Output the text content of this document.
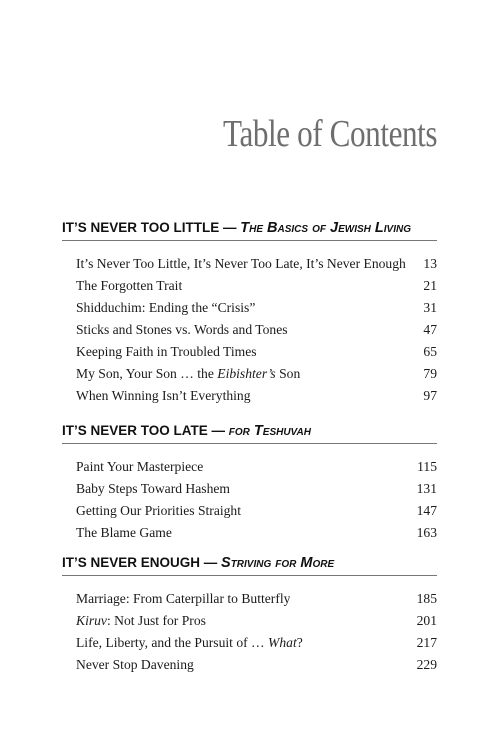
Table of Contents
IT’S NEVER TOO LITTLE — The Basics of Jewish Living
It’s Never Too Little, It’s Never Too Late, It’s Never Enough	13
The Forgotten Trait	21
Shidduchim: Ending the “Crisis”	31
Sticks and Stones vs. Words and Tones	47
Keeping Faith in Troubled Times	65
My Son, Your Son … the Eibishter’s Son	79
When Winning Isn’t Everything	97
IT’S NEVER TOO LATE — for Teshuvah
Paint Your Masterpiece	115
Baby Steps Toward Hashem	131
Getting Our Priorities Straight	147
The Blame Game	163
IT’S NEVER ENOUGH — Striving for More
Marriage: From Caterpillar to Butterfly	185
Kiruv: Not Just for Pros	201
Life, Liberty, and the Pursuit of … What?	217
Never Stop Davening	229
